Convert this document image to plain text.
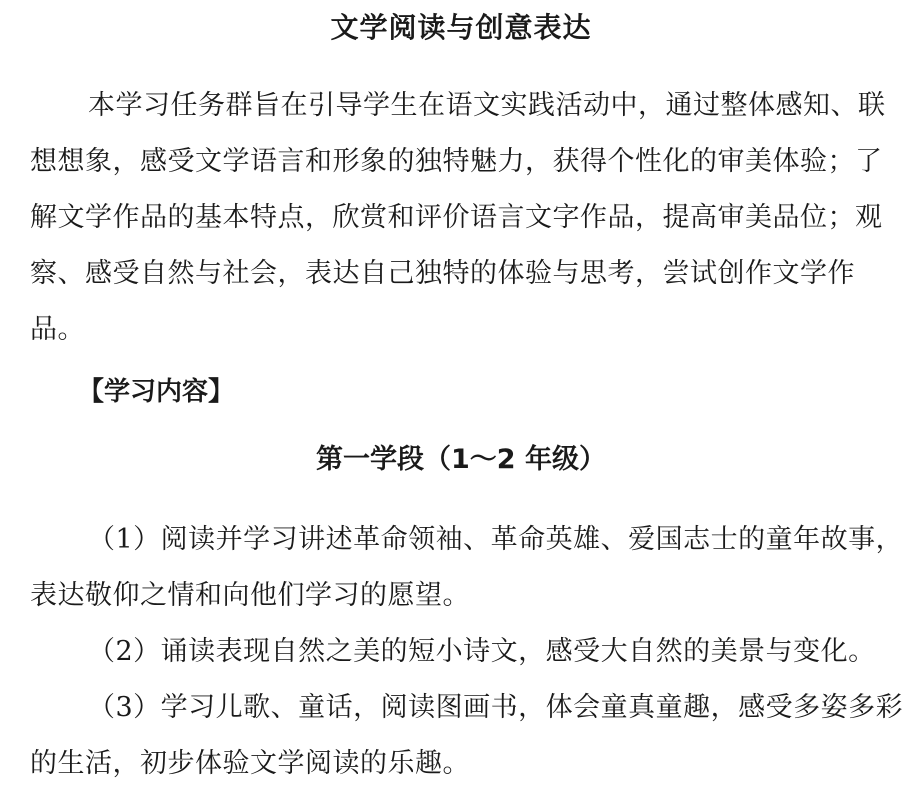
文学阅读与创意表达

本学习任务群旨在引导学生在语文实践活动中，通过整体感知、联想想象，感受文学语言和形象的独特魅力，获得个性化的审美体验；了解文学作品的基本特点，欣赏和评价语言文字作品，提高审美品位；观察、感受自然与社会，表达自己独特的体验与思考，尝试创作文学作品。

【学习内容】
第一学段（1～2 年级）
（1）阅读并学习讲述革命领袖、革命英雄、爱国志士的童年故事，表达敬仰之情和向他们学习的愿望。
（2）诵读表现自然之美的短小诗文，感受大自然的美景与变化。
（3）学习儿歌、童话，阅读图画书，体会童真童趣，感受多姿多彩的生活，初步体验文学阅读的乐趣。
